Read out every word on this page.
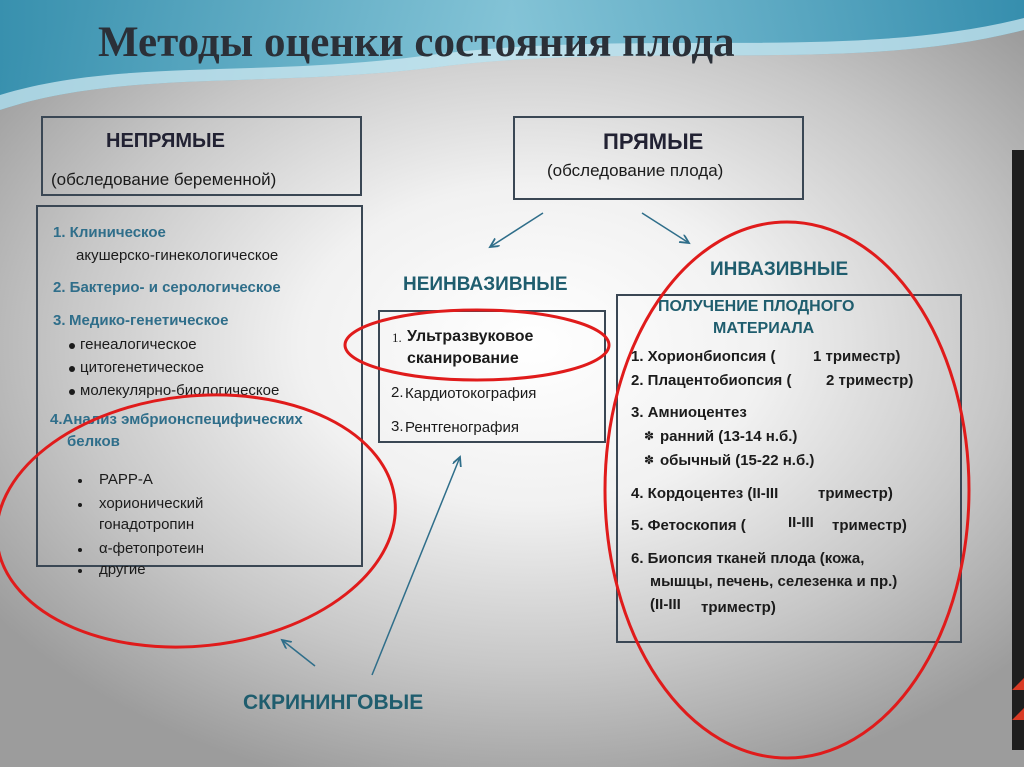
Методы оценки состояния плода
НЕПРЯМЫЕ
(обследование беременной)
1. Клиническое
акушерско-гинекологическое
2. Бактерио- и серологическое
3. Медико-генетическое
генеалогическое
цитогенетическое
молекулярно-биологическое
4.Анализ эмбрионспецифических
белков
PAPP-A
хорионический
гонадотропин
α-фетопротеин
другие
ПРЯМЫЕ
(обследование плода)
НЕИНВАЗИВНЫЕ
1. Ультразвуковое
сканирование
2. Кардиотокография
3. Рентгенография
ИНВАЗИВНЫЕ
ПОЛУЧЕНИЕ ПЛОДНОГО
МАТЕРИАЛА
1. Хорионбиопсия (	1 триместр)
2. Плацентобиопсия ( 2 триместр)
3. Амниоцентез
✽ ранний (13-14 н.б.)
✽ обычный (15-22 н.б.)
4. Кордоцентез (II-III	триместр)
5. Фетоскопия (	II-III триместр)
6. Биопсия тканей плода (кожа,
мышцы, печень, селезенка и пр.)
(II-III триместр)
СКРИНИНГОВЫЕ
